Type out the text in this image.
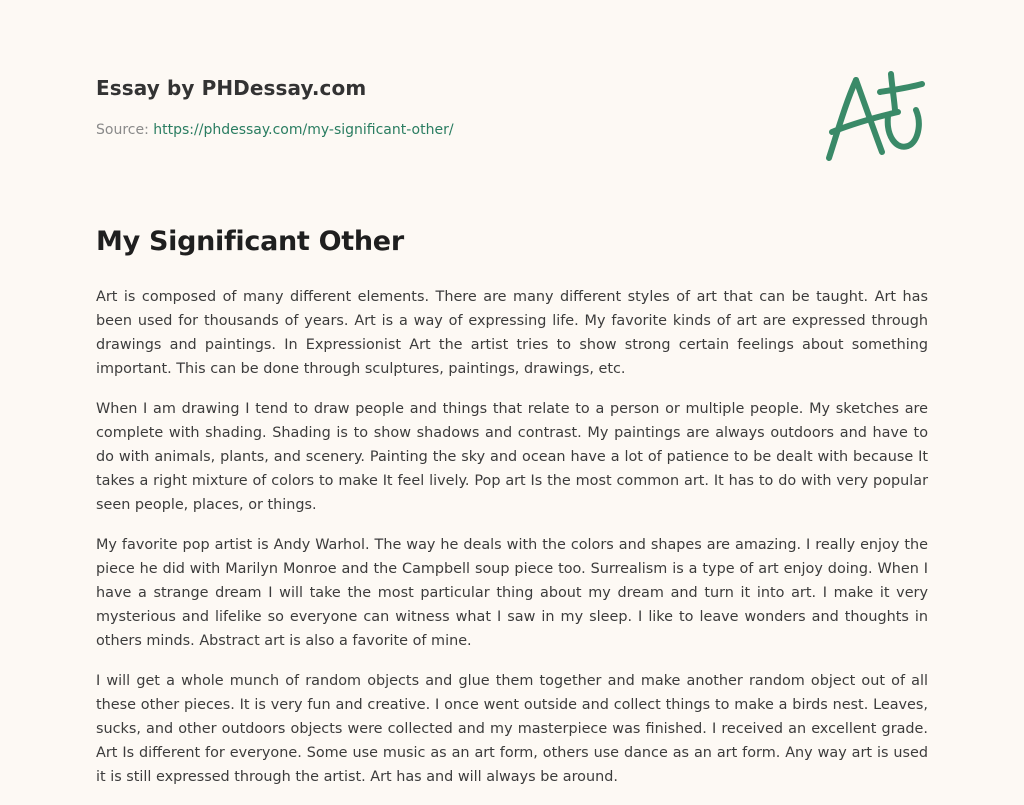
Essay by PHDessay.com
Source: https://phdessay.com/my-significant-other/
My Significant Other

Art is composed of many different elements. There are many different styles of art that can be taught. Art has been used for thousands of years. Art is a way of expressing life. My favorite kinds of art are expressed through drawings and paintings. In Expressionist Art the artist tries to show strong certain feelings about something important. This can be done through sculptures, paintings, drawings, etc.

When I am drawing I tend to draw people and things that relate to a person or multiple people. My sketches are complete with shading. Shading is to show shadows and contrast. My paintings are always outdoors and have to do with animals, plants, and scenery. Painting the sky and ocean have a lot of patience to be dealt with because It takes a right mixture of colors to make It feel lively. Pop art Is the most common art. It has to do with very popular seen people, places, or things.

My favorite pop artist is Andy Warhol. The way he deals with the colors and shapes are amazing. I really enjoy the piece he did with Marilyn Monroe and the Campbell soup piece too. Surrealism is a type of art enjoy doing. When I have a strange dream I will take the most particular thing about my dream and turn it into art. I make it very mysterious and lifelike so everyone can witness what I saw in my sleep. I like to leave wonders and thoughts in others minds. Abstract art is also a favorite of mine.

I will get a whole munch of random objects and glue them together and make another random object out of all these other pieces. It is very fun and creative. I once went outside and collect things to make a birds nest. Leaves, sucks, and other outdoors objects were collected and my masterpiece was finished. I received an excellent grade. Art Is different for everyone. Some use music as an art form, others use dance as an art form. Any way art is used it is still expressed through the artist. Art has and will always be around.
